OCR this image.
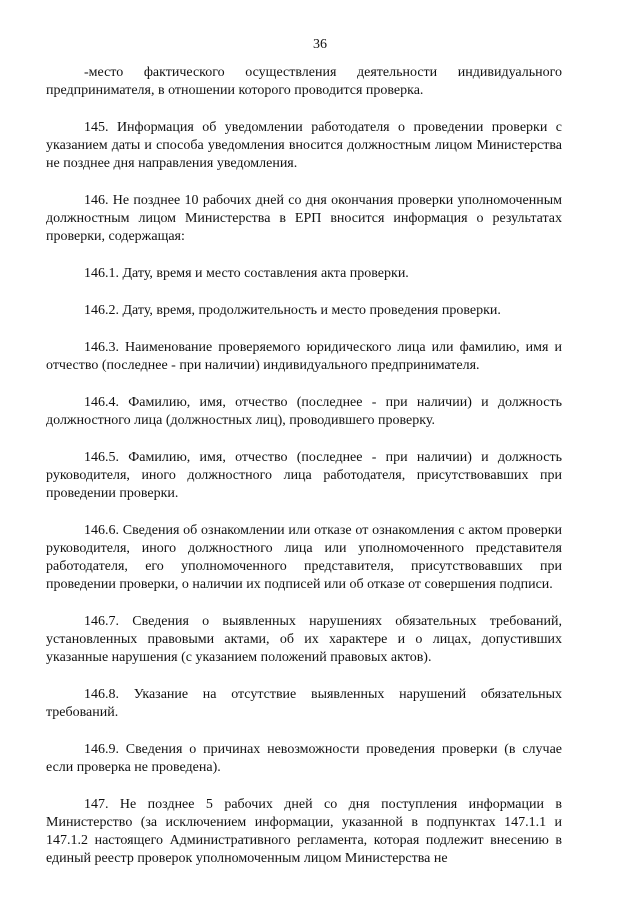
36

-место фактического осуществления деятельности индивидуального предпринимателя, в отношении которого проводится проверка.

145. Информация об уведомлении работодателя о проведении проверки с указанием даты и способа уведомления вносится должностным лицом Министерства не позднее дня направления уведомления.

146. Не позднее 10 рабочих дней со дня окончания проверки уполномоченным должностным лицом Министерства в ЕРП вносится информация о результатах проверки, содержащая:

146.1. Дату, время и место составления акта проверки.

146.2. Дату, время, продолжительность и место проведения проверки.

146.3. Наименование проверяемого юридического лица или фамилию, имя и отчество (последнее - при наличии) индивидуального предпринимателя.

146.4. Фамилию, имя, отчество (последнее - при наличии) и должность должностного лица (должностных лиц), проводившего проверку.

146.5. Фамилию, имя, отчество (последнее - при наличии) и должность руководителя, иного должностного лица работодателя, присутствовавших при проведении проверки.

146.6. Сведения об ознакомлении или отказе от ознакомления с актом проверки руководителя, иного должностного лица или уполномоченного представителя работодателя, его уполномоченного представителя, присутствовавших при проведении проверки, о наличии их подписей или об отказе от совершения подписи.

146.7. Сведения о выявленных нарушениях обязательных требований, установленных правовыми актами, об их характере и о лицах, допустивших указанные нарушения (с указанием положений правовых актов).

146.8. Указание на отсутствие выявленных нарушений обязательных требований.

146.9. Сведения о причинах невозможности проведения проверки (в случае если проверка не проведена).

147. Не позднее 5 рабочих дней со дня поступления информации в Министерство (за исключением информации, указанной в подпунктах 147.1.1 и 147.1.2 настоящего Административного регламента, которая подлежит внесению в единый реестр проверок уполномоченным лицом Министерства не
